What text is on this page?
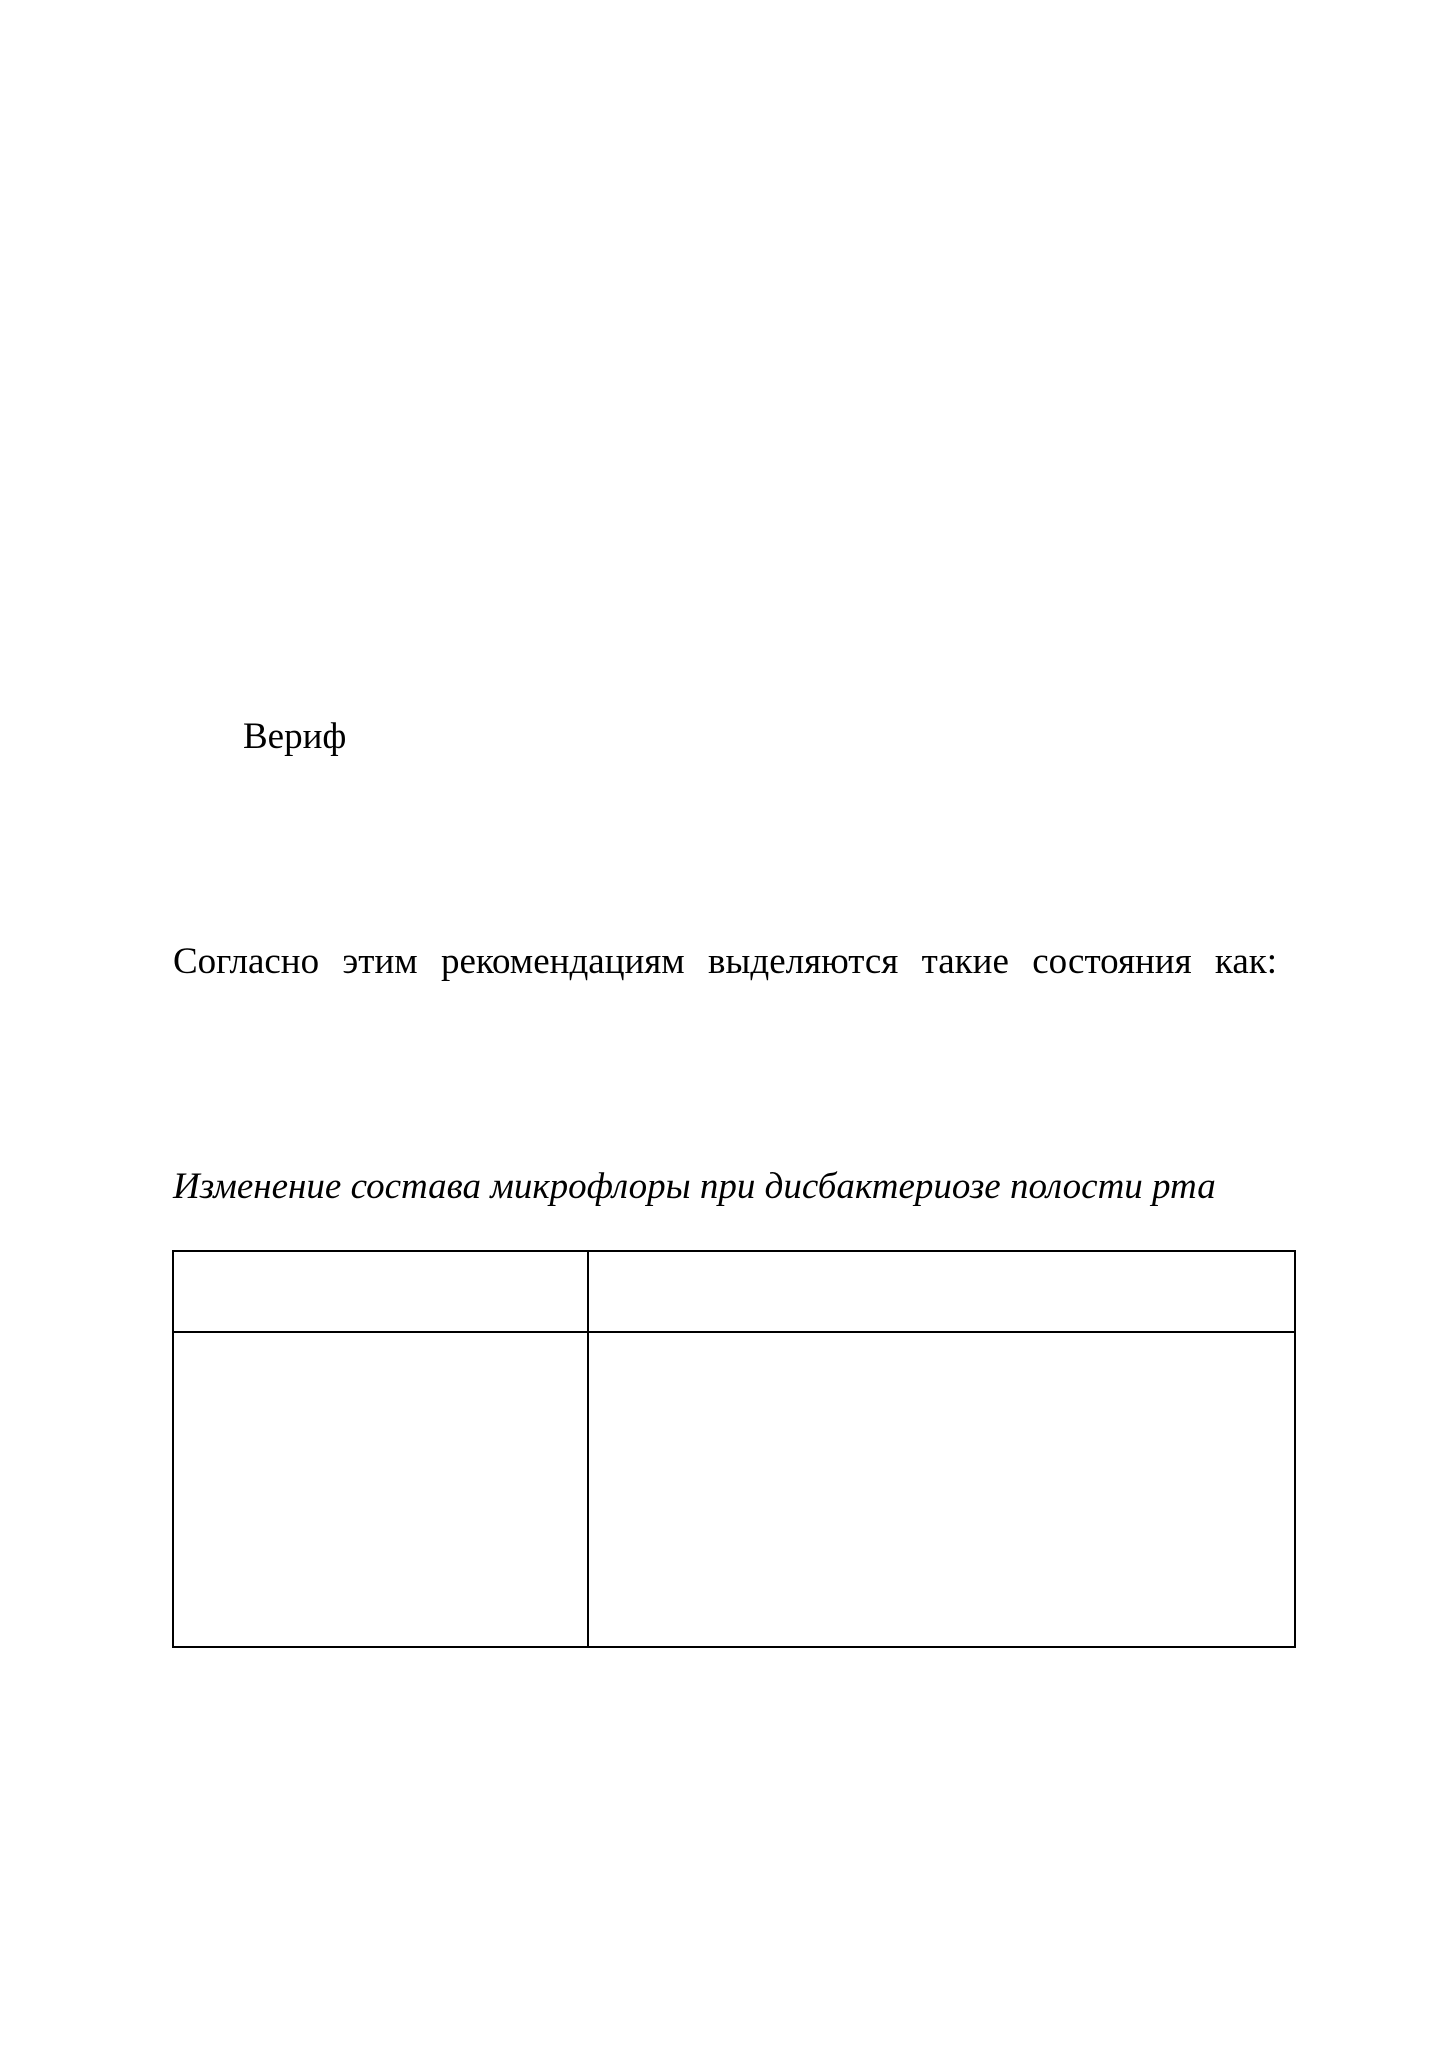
Вериф
Согласно этим рекомендациям выделяются такие состояния как:
Изменение состава микрофлоры при дисбактериозе полости рта
